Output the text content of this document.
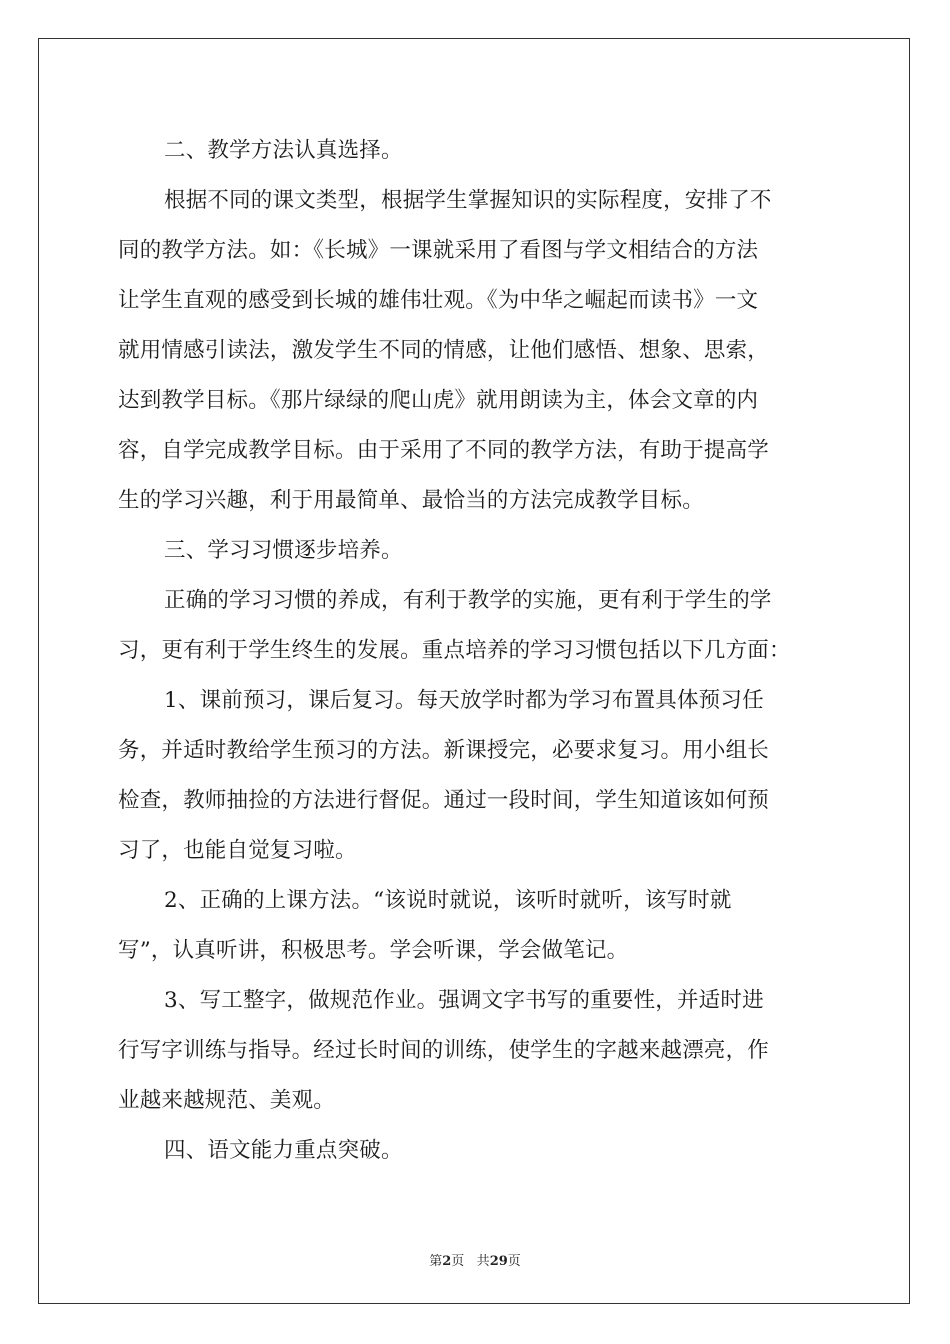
二、教学方法认真选择。
根据不同的课文类型，根据学生掌握知识的实际程度，安排了不
同的教学方法。如：《长城》一课就采用了看图与学文相结合的方法
让学生直观的感受到长城的雄伟壮观。《为中华之崛起而读书》一文
就用情感引读法，激发学生不同的情感，让他们感悟、想象、思索，
达到教学目标。《那片绿绿的爬山虎》就用朗读为主，体会文章的内
容，自学完成教学目标。由于采用了不同的教学方法，有助于提高学
生的学习兴趣，利于用最简单、最恰当的方法完成教学目标。
三、学习习惯逐步培养。
正确的学习习惯的养成，有利于教学的实施，更有利于学生的学
习，更有利于学生终生的发展。重点培养的学习习惯包括以下几方面：
1、课前预习，课后复习。每天放学时都为学习布置具体预习任
务，并适时教给学生预习的方法。新课授完，必要求复习。用小组长
检查，教师抽捡的方法进行督促。通过一段时间，学生知道该如何预
习了，也能自觉复习啦。
2、正确的上课方法。“该说时就说，该听时就听，该写时就
写”，认真听讲，积极思考。学会听课，学会做笔记。
3、写工整字，做规范作业。强调文字书写的重要性，并适时进
行写字训练与指导。经过长时间的训练，使学生的字越来越漂亮，作
业越来越规范、美观。
四、语文能力重点突破。
第2页 共29页
